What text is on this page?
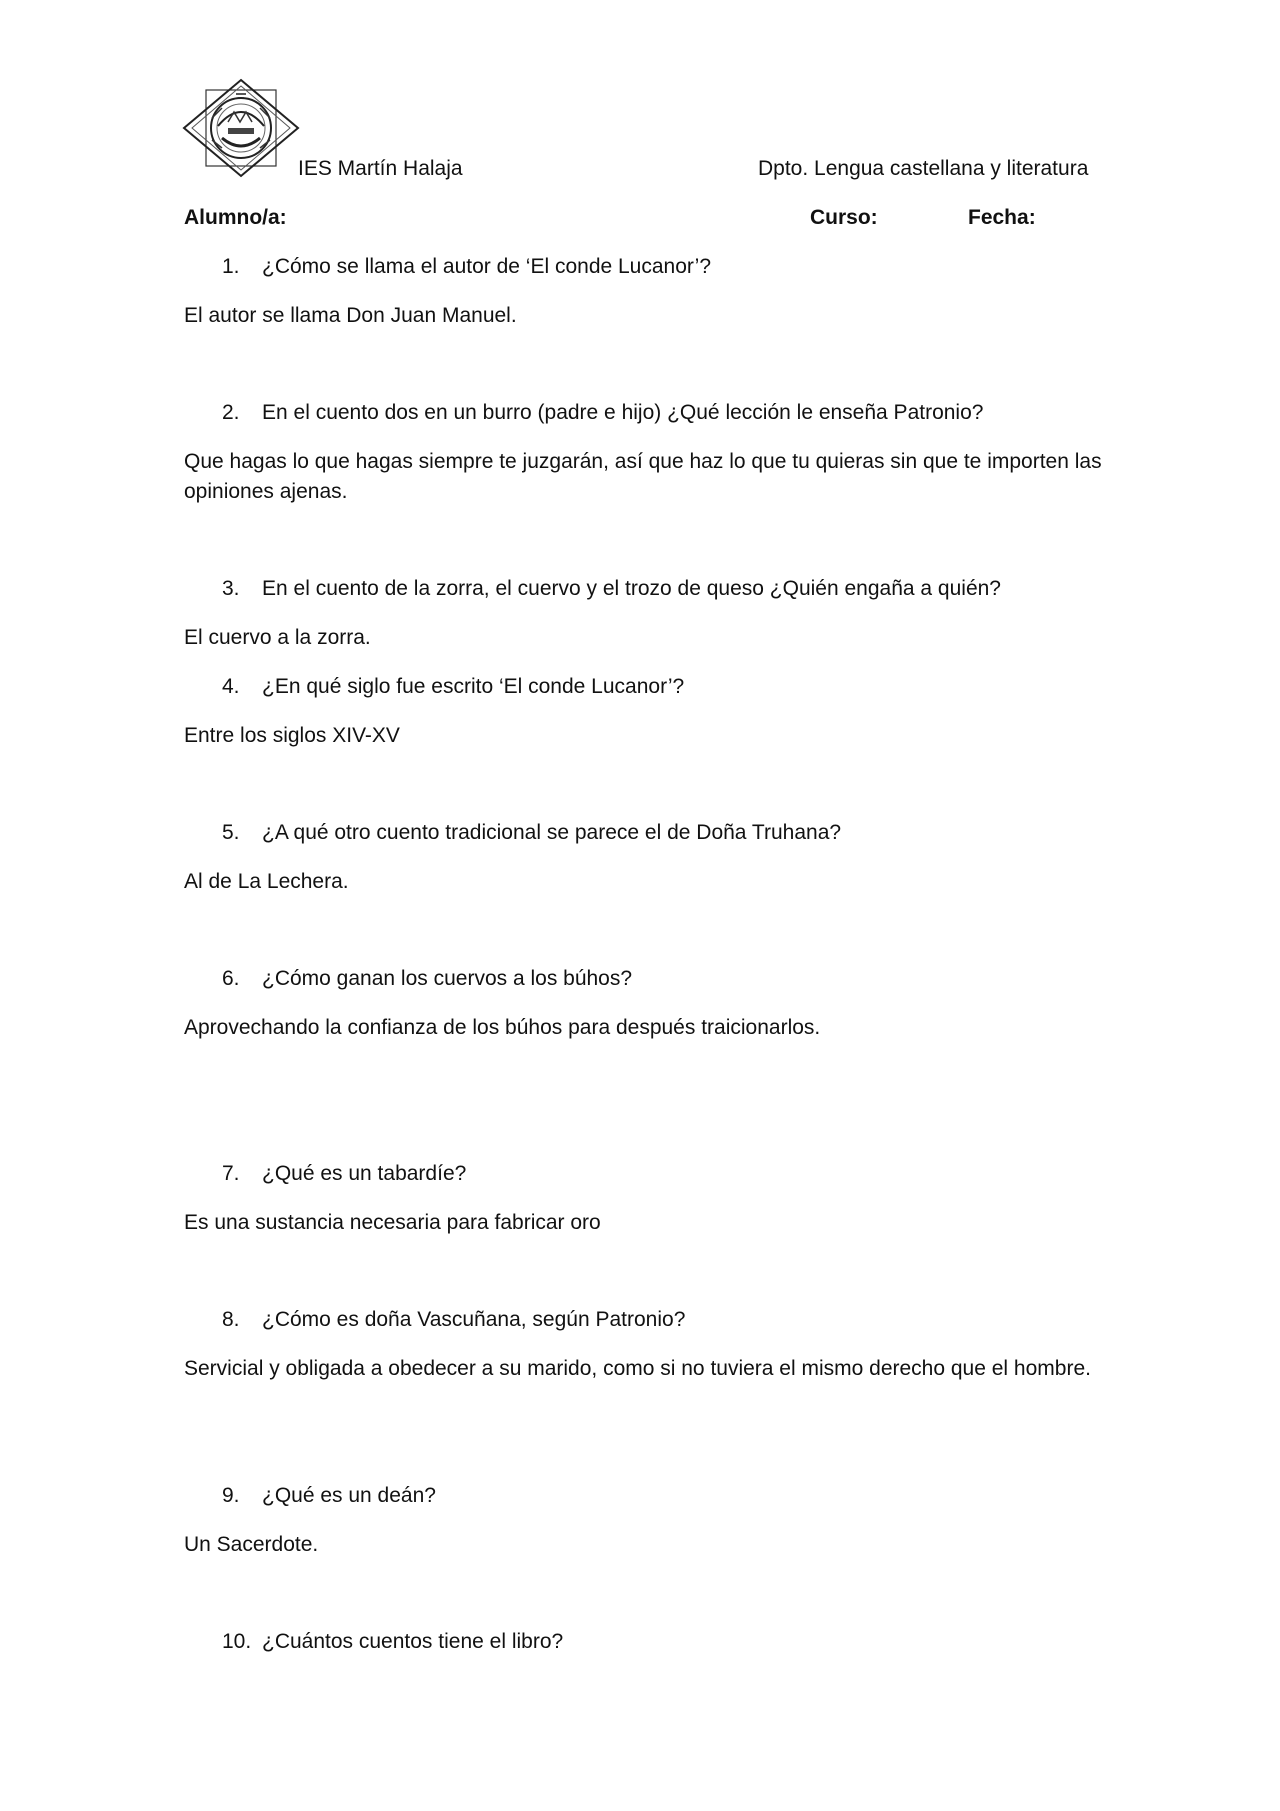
IES Martín Halaja	Dpto. Lengua castellana y literatura
Alumno/a:	Curso:	Fecha:
1. ¿Cómo se llama el autor de ‘El conde Lucanor’?
El autor se llama Don Juan Manuel.
2. En el cuento dos en un burro (padre e hijo) ¿Qué lección le enseña Patronio?
Que hagas lo que hagas siempre te juzgarán, así que haz lo que tu quieras sin que te importen las opiniones ajenas.
3. En el cuento de la zorra, el cuervo y el trozo de queso ¿Quién engaña a quién?
El cuervo a la zorra.
4. ¿En qué siglo fue escrito ‘El conde Lucanor’?
Entre los siglos XIV-XV
5. ¿A qué otro cuento tradicional se parece el de Doña Truhana?
Al de La Lechera.
6. ¿Cómo ganan los cuervos a los búhos?
Aprovechando la confianza de los búhos para después traicionarlos.
7. ¿Qué es un tabardíe?
Es una sustancia necesaria para fabricar oro
8. ¿Cómo es doña Vascuñana, según Patronio?
Servicial y obligada a obedecer a su marido, como si no tuviera el mismo derecho que el hombre.
9. ¿Qué es un deán?
Un Sacerdote.
10. ¿Cuántos cuentos tiene el libro?
